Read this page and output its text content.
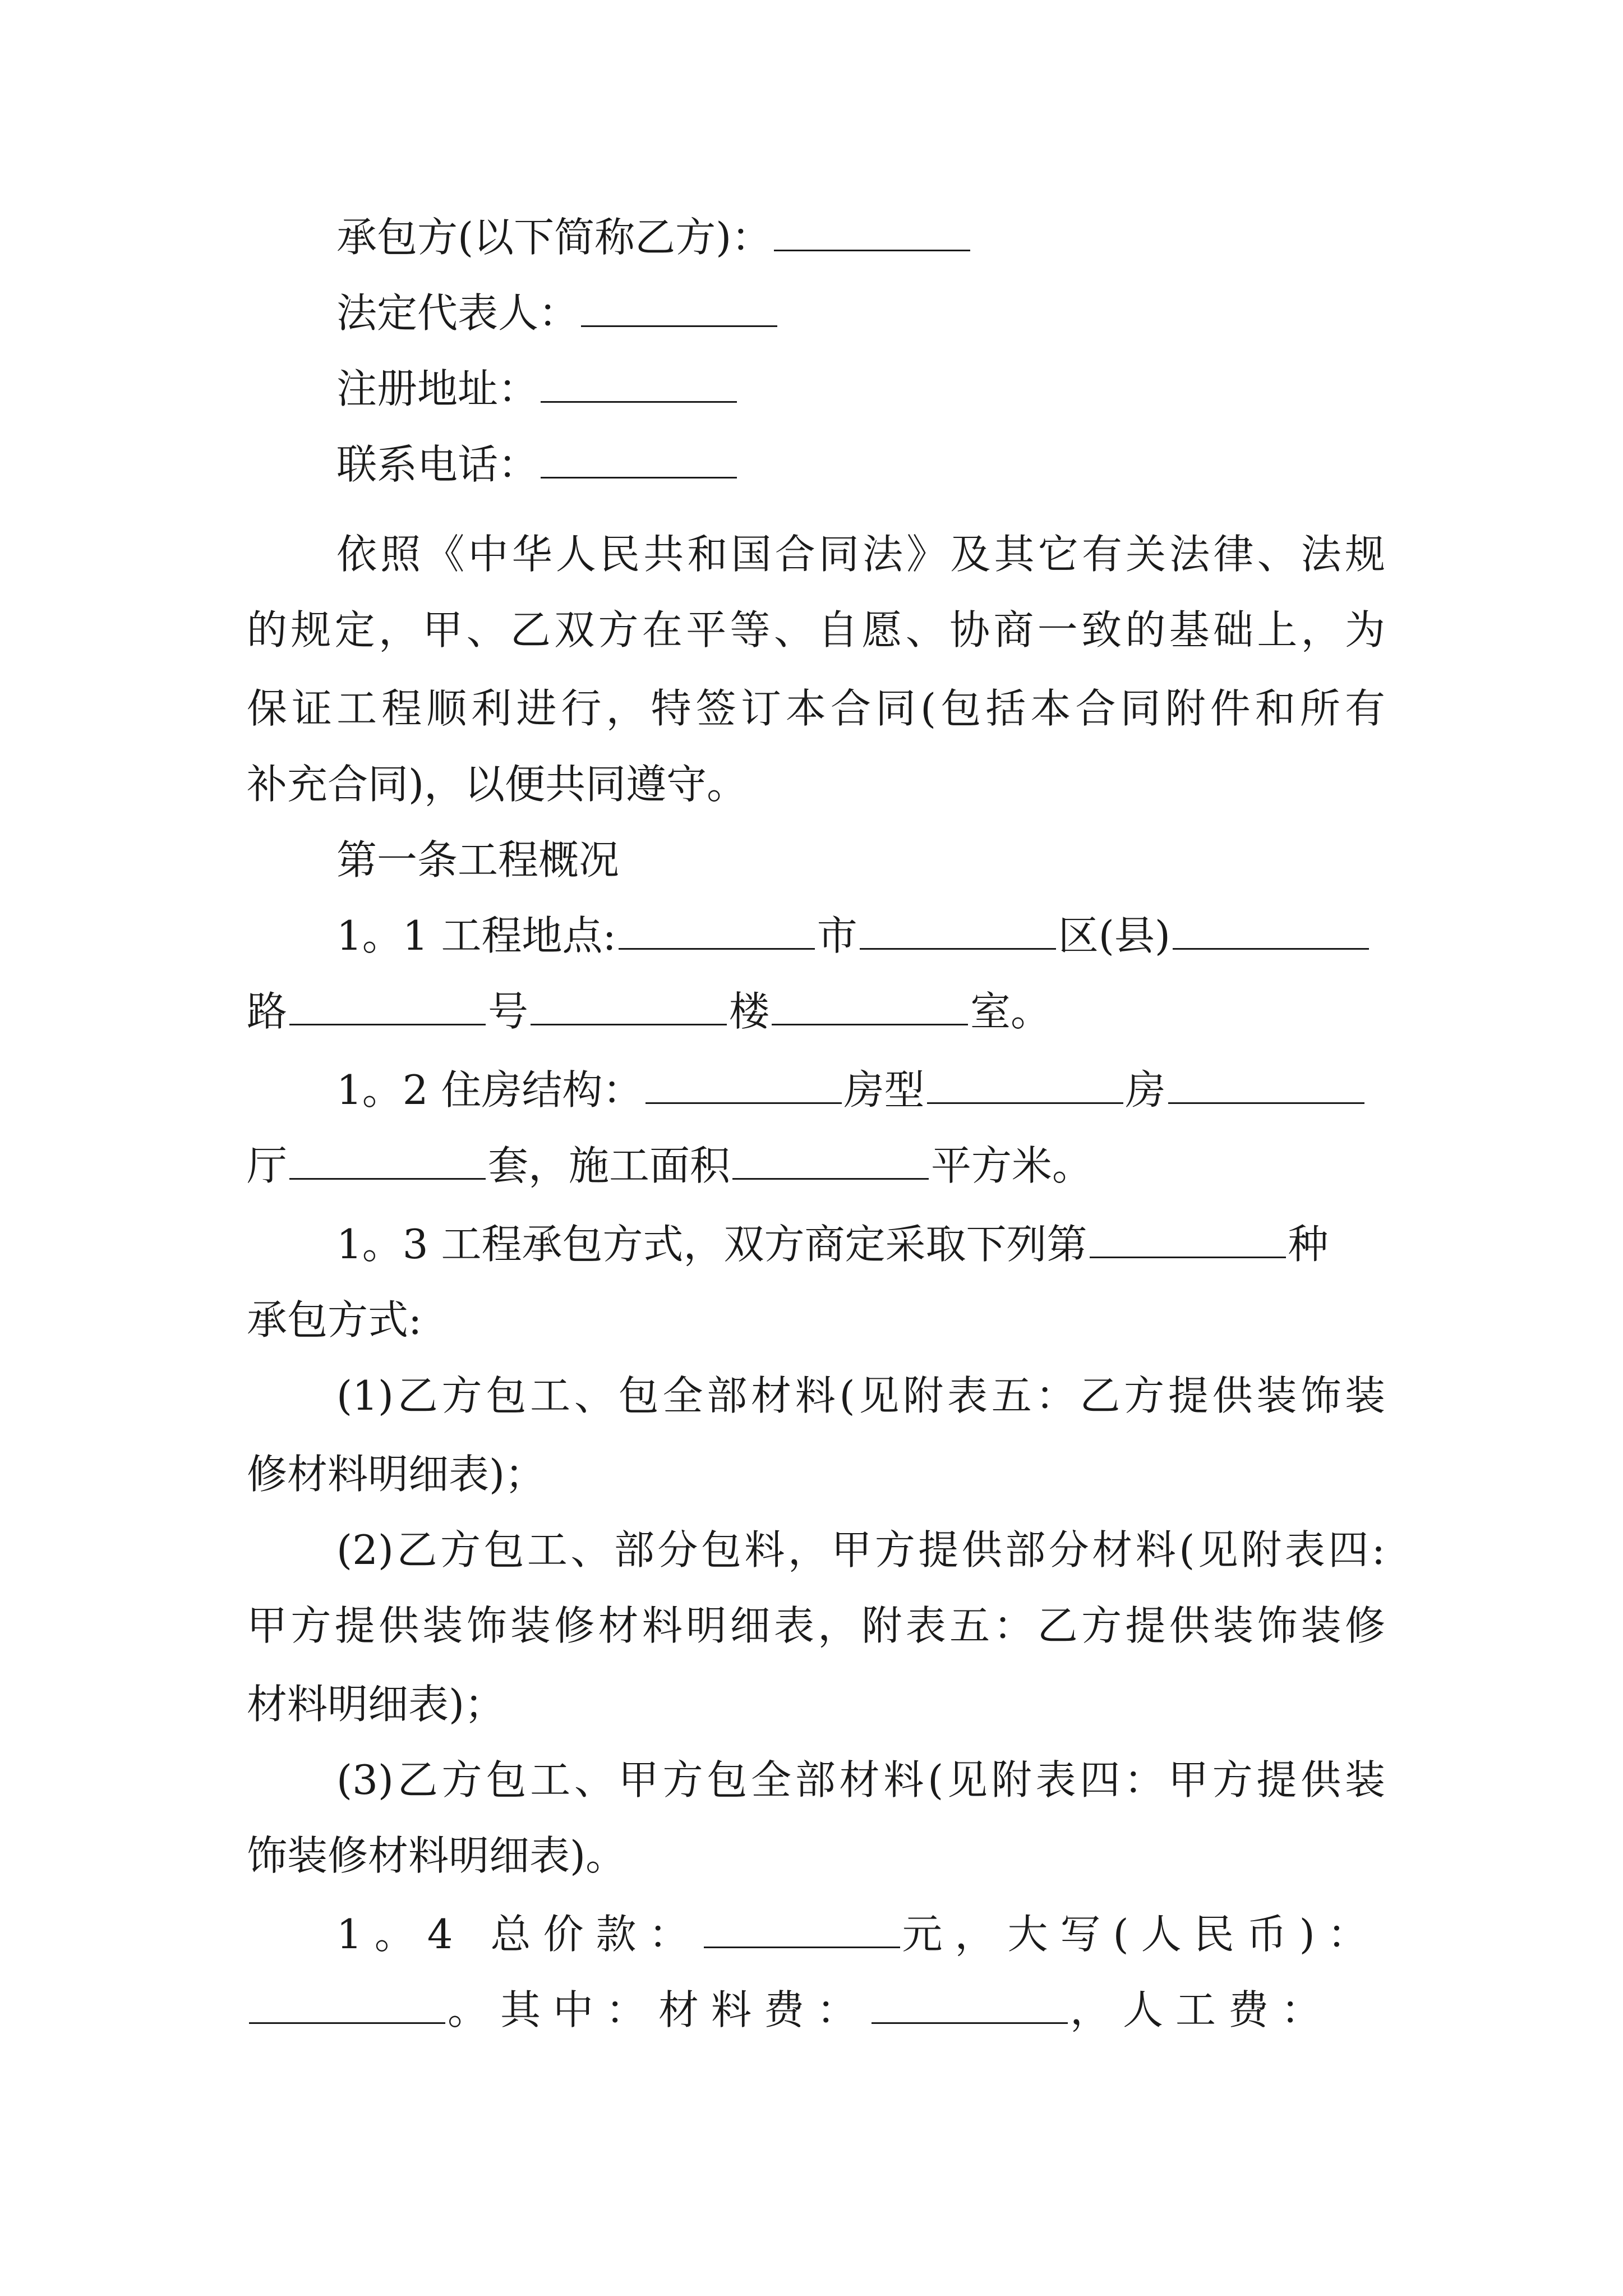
承包方(以下简称乙方)：
法定代表人：
注册地址：
联系电话：
依照《中华人民共和国合同法》及其它有关法律、法规
的规定，甲、乙双方在平等、自愿、协商一致的基础上，为
保证工程顺利进行，特签订本合同(包括本合同附件和所有
补充合同)，以便共同遵守。
第一条工程概况
1。1 工程地点:	市	区(县)
路	号	楼	室。
1。2 住房结构：	房型	房
厅	套，施工面积	平方米。
1。3 工程承包方式，双方商定采取下列第	种
承包方式:
(1)乙方包工、包全部材料(见附表五：乙方提供装饰装
修材料明细表)；
(2)乙方包工、部分包料，甲方提供部分材料(见附表四:
甲方提供装饰装修材料明细表，附表五：乙方提供装饰装修
材料明细表)；
(3)乙方包工、甲方包全部材料(见附表四：甲方提供装
饰装修材料明细表)。
1。4 总价款：	元，大写(人民币)：
。其中：材料费：	，人工费：
